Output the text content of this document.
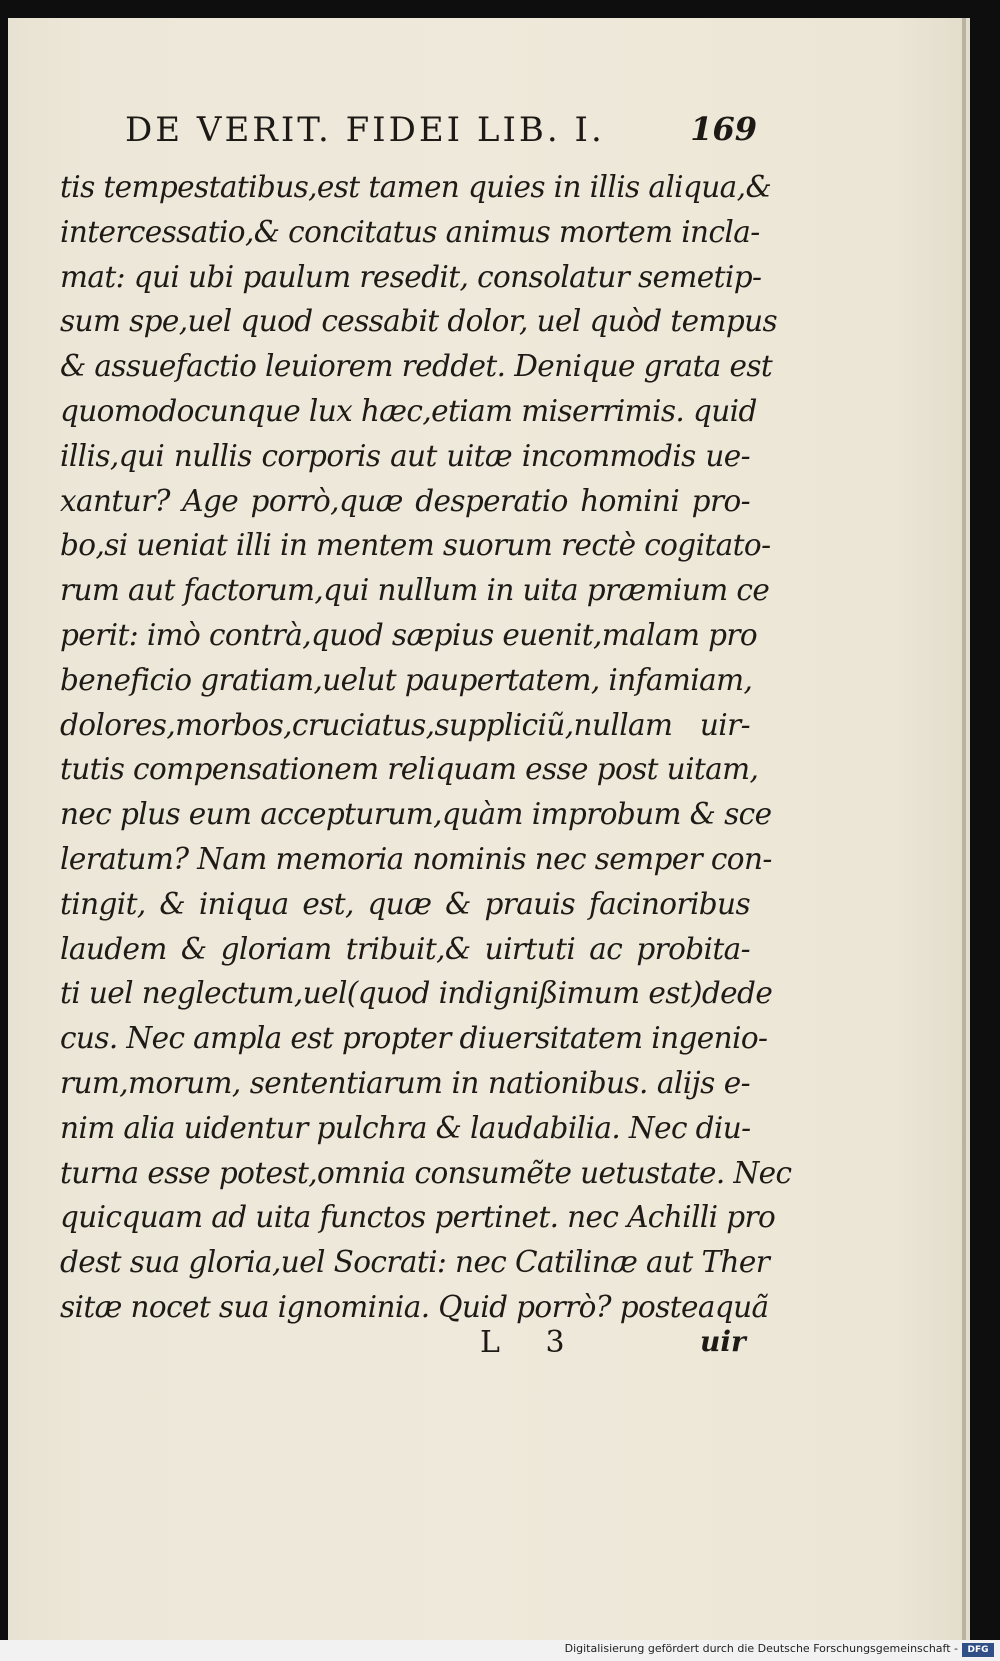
DE VERIT. FIDEI LIB. I.	169
tis tempestatibus,est tamen quies in illis aliqua,&
intercessatio,& concitatus animus mortem incla-
mat: qui ubi paulum resedit, consolatur semetip-
sum spe,uel quod cessabit dolor, uel quòd tempus
& assuefactio leuiorem reddet. Denique grata est
quomodocunque lux hæc,etiam miserrimis. quid
illis,qui nullis corporis aut uitæ incommodis ue-
xantur? Age porrò,quæ desperatio homini pro-
bo,si ueniat illi in mentem suorum rectè cogitato-
rum aut factorum,qui nullum in uita præmium ce
perit: imò contrà,quod sæpius euenit,malam pro
beneficio gratiam,uelut paupertatem, infamiam,
dolores,morbos,cruciatus,suppliciũ,nullam uir-
tutis compensationem reliquam esse post uitam,
nec plus eum accepturum,quàm improbum & sce
leratum? Nam memoria nominis nec semper con-
tingit, & iniqua est, quæ & prauis facinoribus
laudem & gloriam tribuit,& uirtuti ac probita-
ti uel neglectum,uel(quod indignißimum est)dede
cus. Nec ampla est propter diuersitatem ingenio-
rum,morum, sententiarum in nationibus. alijs e-
nim alia uidentur pulchra & laudabilia. Nec diu-
turna esse potest,omnia consumẽte uetustate. Nec
quicquam ad uita functos pertinet. nec Achilli pro
dest sua gloria,uel Socrati: nec Catilinæ aut Ther
sitæ nocet sua ignominia. Quid porrò? posteaquã
L 3	uir
Digitalisierung gefördert durch die Deutsche Forschungsgemeinschaft -	DFG
